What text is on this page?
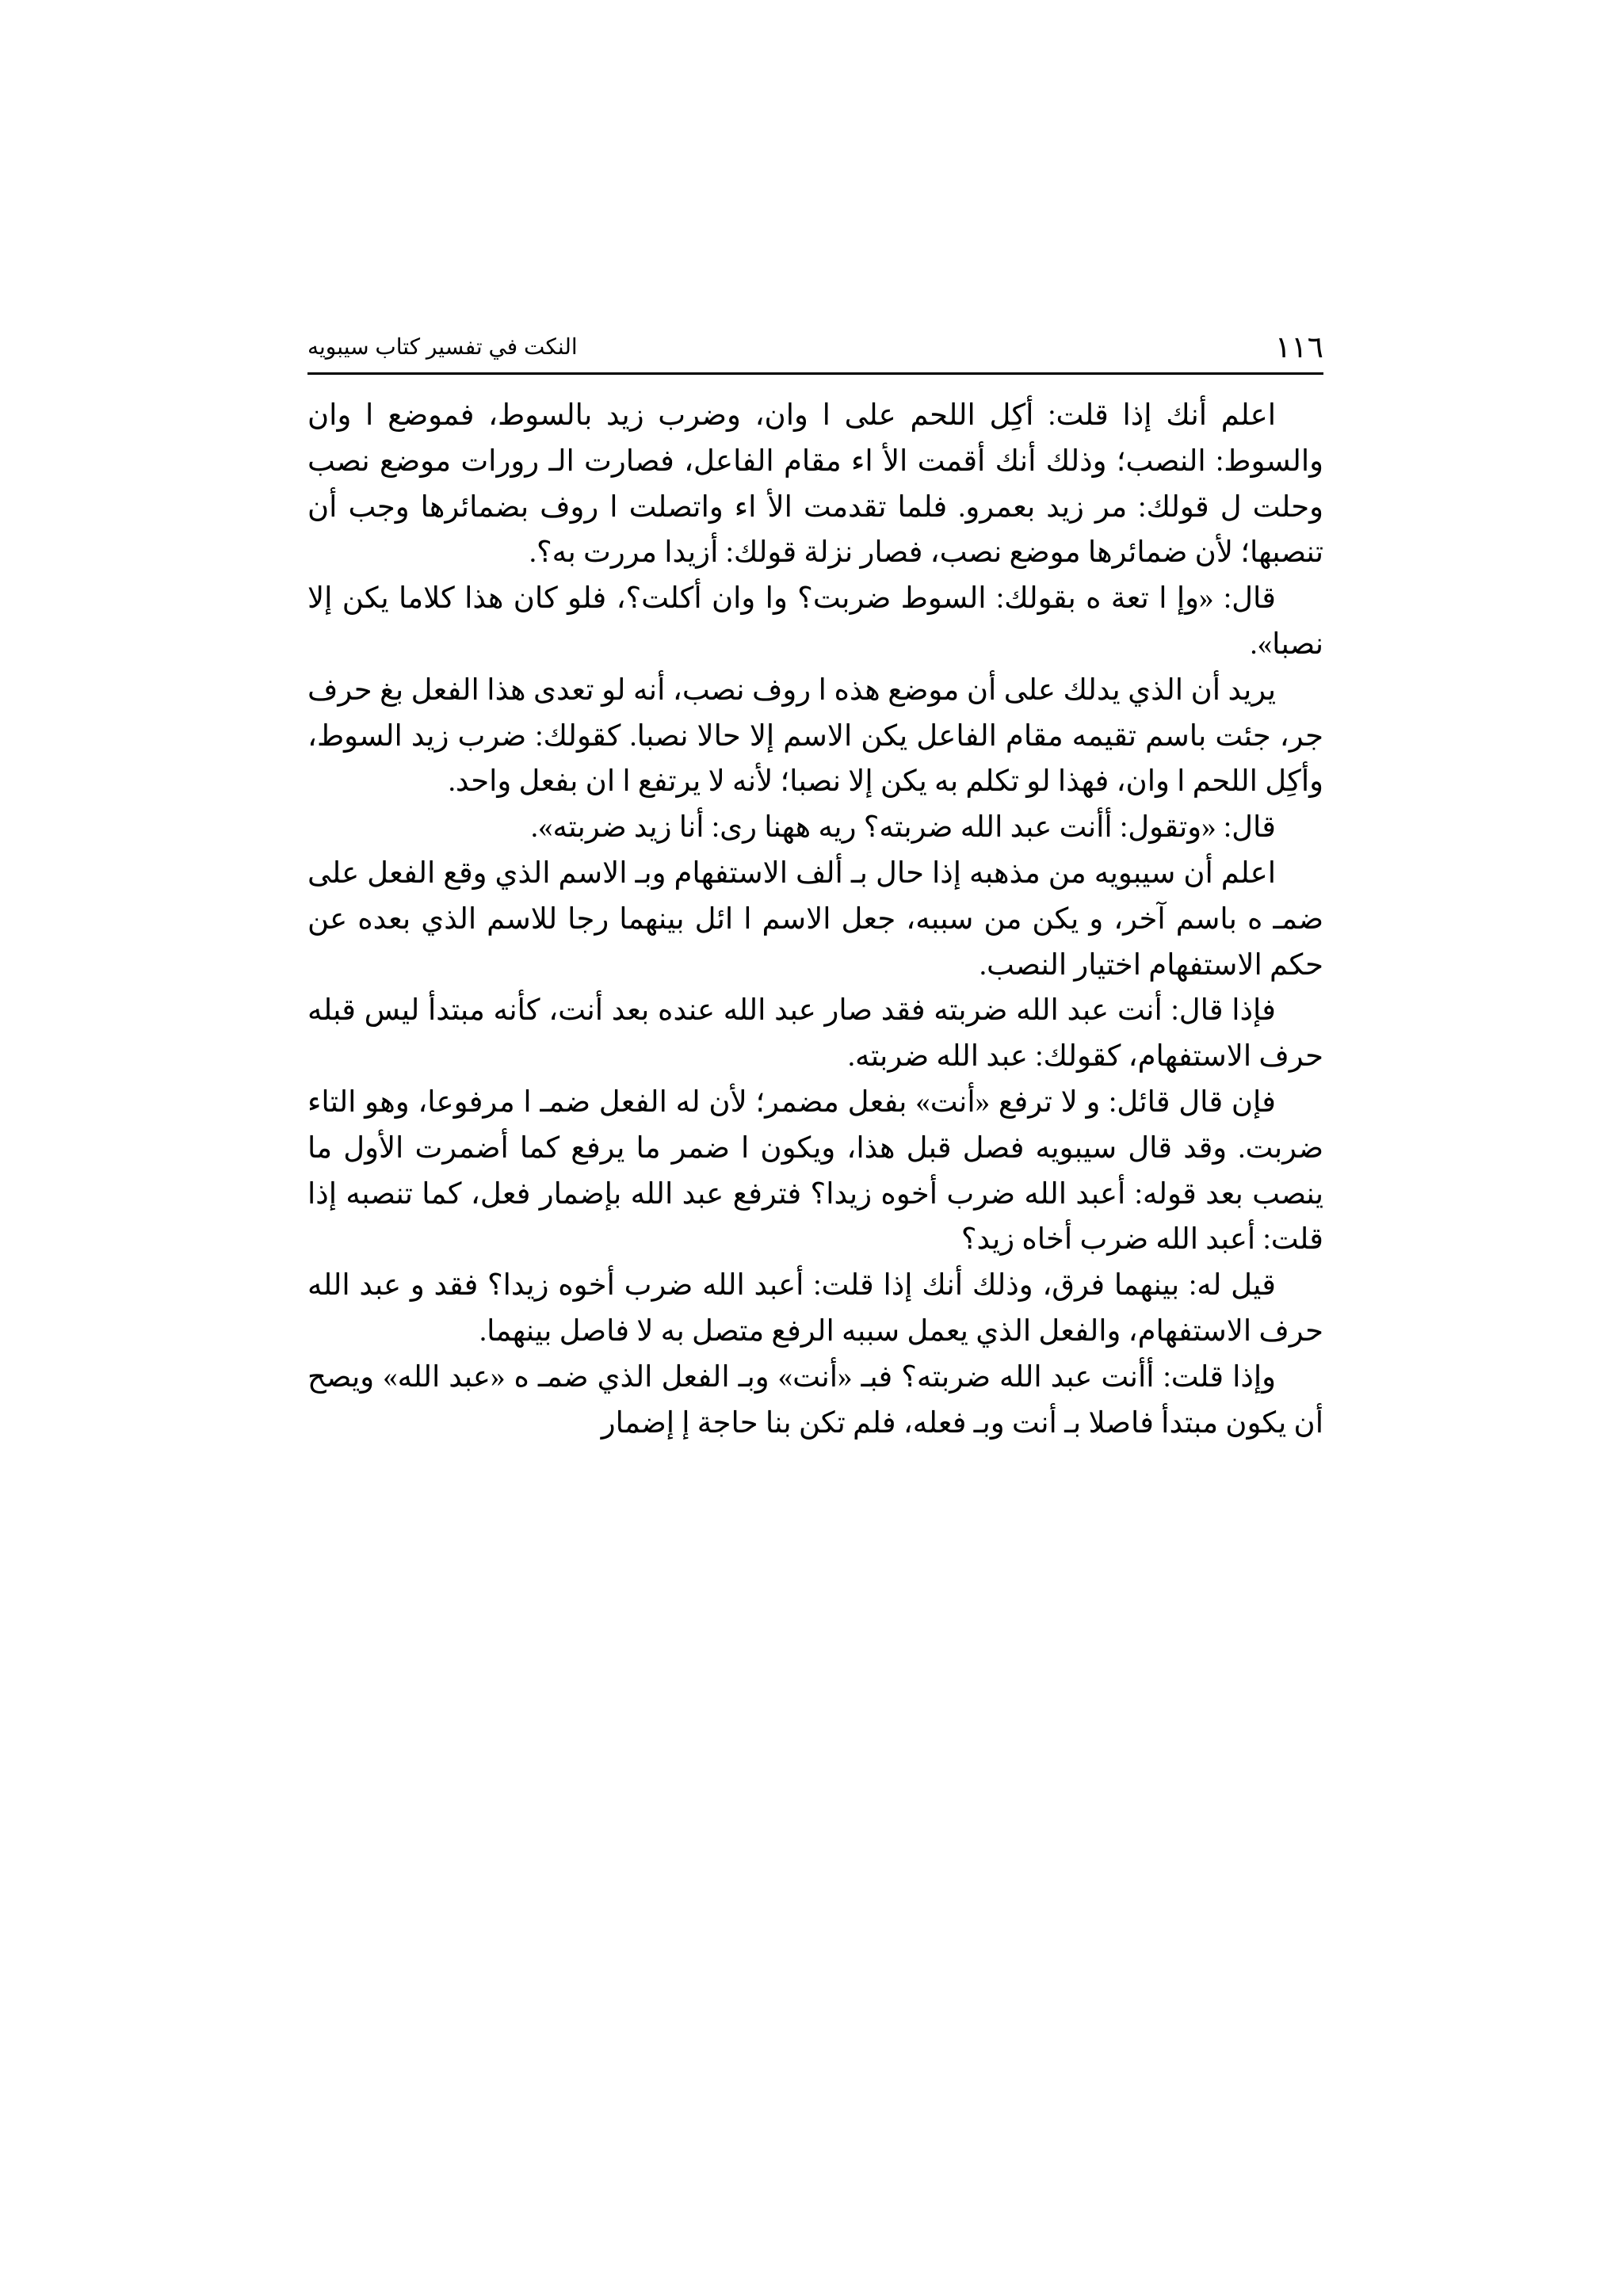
١١٦
النكت في تفسير كتاب سيبويه

اعلم أنك إذا قلت: أكِل اللحم على ا وان، وضرب زيد بالسوط، فموضع ا وان والسوط: النصب؛ وذلك أنك أقمت الأ اء مقام الفاعل، فصارت الـ رورات موضع نصب وحلت ل قولك: مر زيد بعمرو. فلما تقدمت الأ اء واتصلت ا روف بضمائرها وجب أن تنصبها؛ لأن ضمائرها موضع نصب، فصار نزلة قولك: أزيدا مررت به؟.

قال: «وإ ا تعة ه بقولك: السوط ضربت؟ وا وان أكلت؟، فلو كان هذا كلاما يكن إلا نصبا».

يريد أن الذي يدلك على أن موضع هذه ا روف نصب، أنه لو تعدى هذا الفعل بغ حرف جر، جئت باسم تقيمه مقام الفاعل يكن الاسم إلا حالا نصبا. كقولك: ضرب زيد السوط، وأكِل اللحم ا وان، فهذا لو تكلم به يكن إلا نصبا؛ لأنه لا يرتفع ا ان بفعل واحد.

قال: «وتقول: أأنت عبد الله ضربته؟ ريه ههنا رى: أنا زيد ضربته».

اعلم أن سيبويه من مذهبه إذا حال بـ ألف الاستفهام وبـ الاسم الذي وقع الفعل على ضمـ ه باسم آخر، و يكن من سببه، جعل الاسم ا ائل بينهما رجا للاسم الذي بعده عن حكم الاستفهام اختيار النصب.

فإذا قال: أنت عبد الله ضربته فقد صار عبد الله عنده بعد أنت، كأنه مبتدأ ليس قبله حرف الاستفهام، كقولك: عبد الله ضربته.

فإن قال قائل: و لا ترفع «أنت» بفعل مضمر؛ لأن له الفعل ضمـ ا مرفوعا، وهو التاء ضربت. وقد قال سيبويه فصل قبل هذا، ويكون ا ضمر ما يرفع كما أضمرت الأول ما ينصب بعد قوله: أعبد الله ضرب أخوه زيدا؟ فترفع عبد الله بإضمار فعل، كما تنصبه إذا قلت: أعبد الله ضرب أخاه زيد؟

قيل له: بينهما فرق، وذلك أنك إذا قلت: أعبد الله ضرب أخوه زيدا؟ فقد و عبد الله حرف الاستفهام، والفعل الذي يعمل سببه الرفع متصل به لا فاصل بينهما.

وإذا قلت: أأنت عبد الله ضربته؟ فبـ «أنت» وبـ الفعل الذي ضمـ ه «عبد الله» ويصح أن يكون مبتدأ فاصلا بـ أنت وبـ فعله، فلم تكن بنا حاجة إ إضمار
